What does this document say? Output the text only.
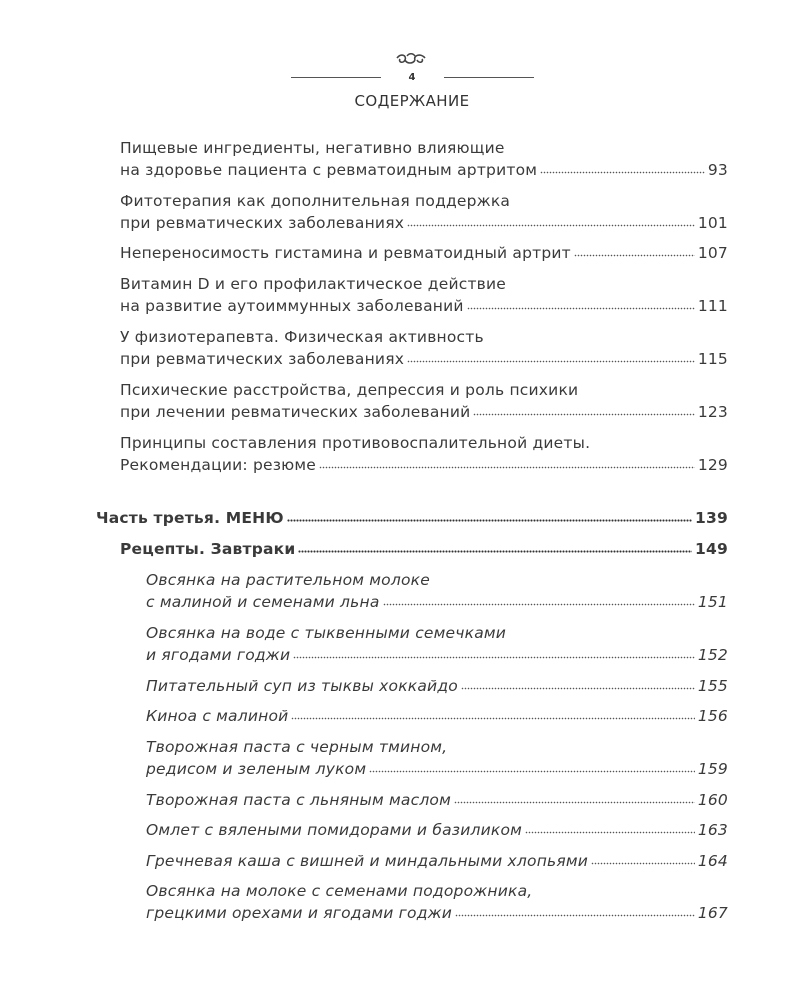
4
СОДЕРЖАНИЕ
Пищевые ингредиенты, негативно влияющие
на здоровье пациента с ревматоидным артритом	93
Фитотерапия как дополнительная поддержка
при ревматических заболеваниях	101
Непереносимость гистамина и ревматоидный артрит	107
Витамин D и его профилактическое действие
на развитие аутоиммунных заболеваний	111
У физиотерапевта. Физическая активность
при ревматических заболеваниях	115
Психические расстройства, депрессия и роль психики
при лечении ревматических заболеваний	123
Принципы составления противовоспалительной диеты.
Рекомендации: резюме	129
Часть третья. МЕНЮ	139
Рецепты. Завтраки	149
Овсянка на растительном молоке
с малиной и семенами льна	151
Овсянка на воде с тыквенными семечками
и ягодами годжи	152
Питательный суп из тыквы хоккайдо	155
Киноа с малиной	156
Творожная паста с черным тмином,
редисом и зеленым луком	159
Творожная паста с льняным маслом	160
Омлет с вялеными помидорами и базиликом	163
Гречневая каша с вишней и миндальными хлопьями	164
Овсянка на молоке с семенами подорожника,
грецкими орехами и ягодами годжи	167
